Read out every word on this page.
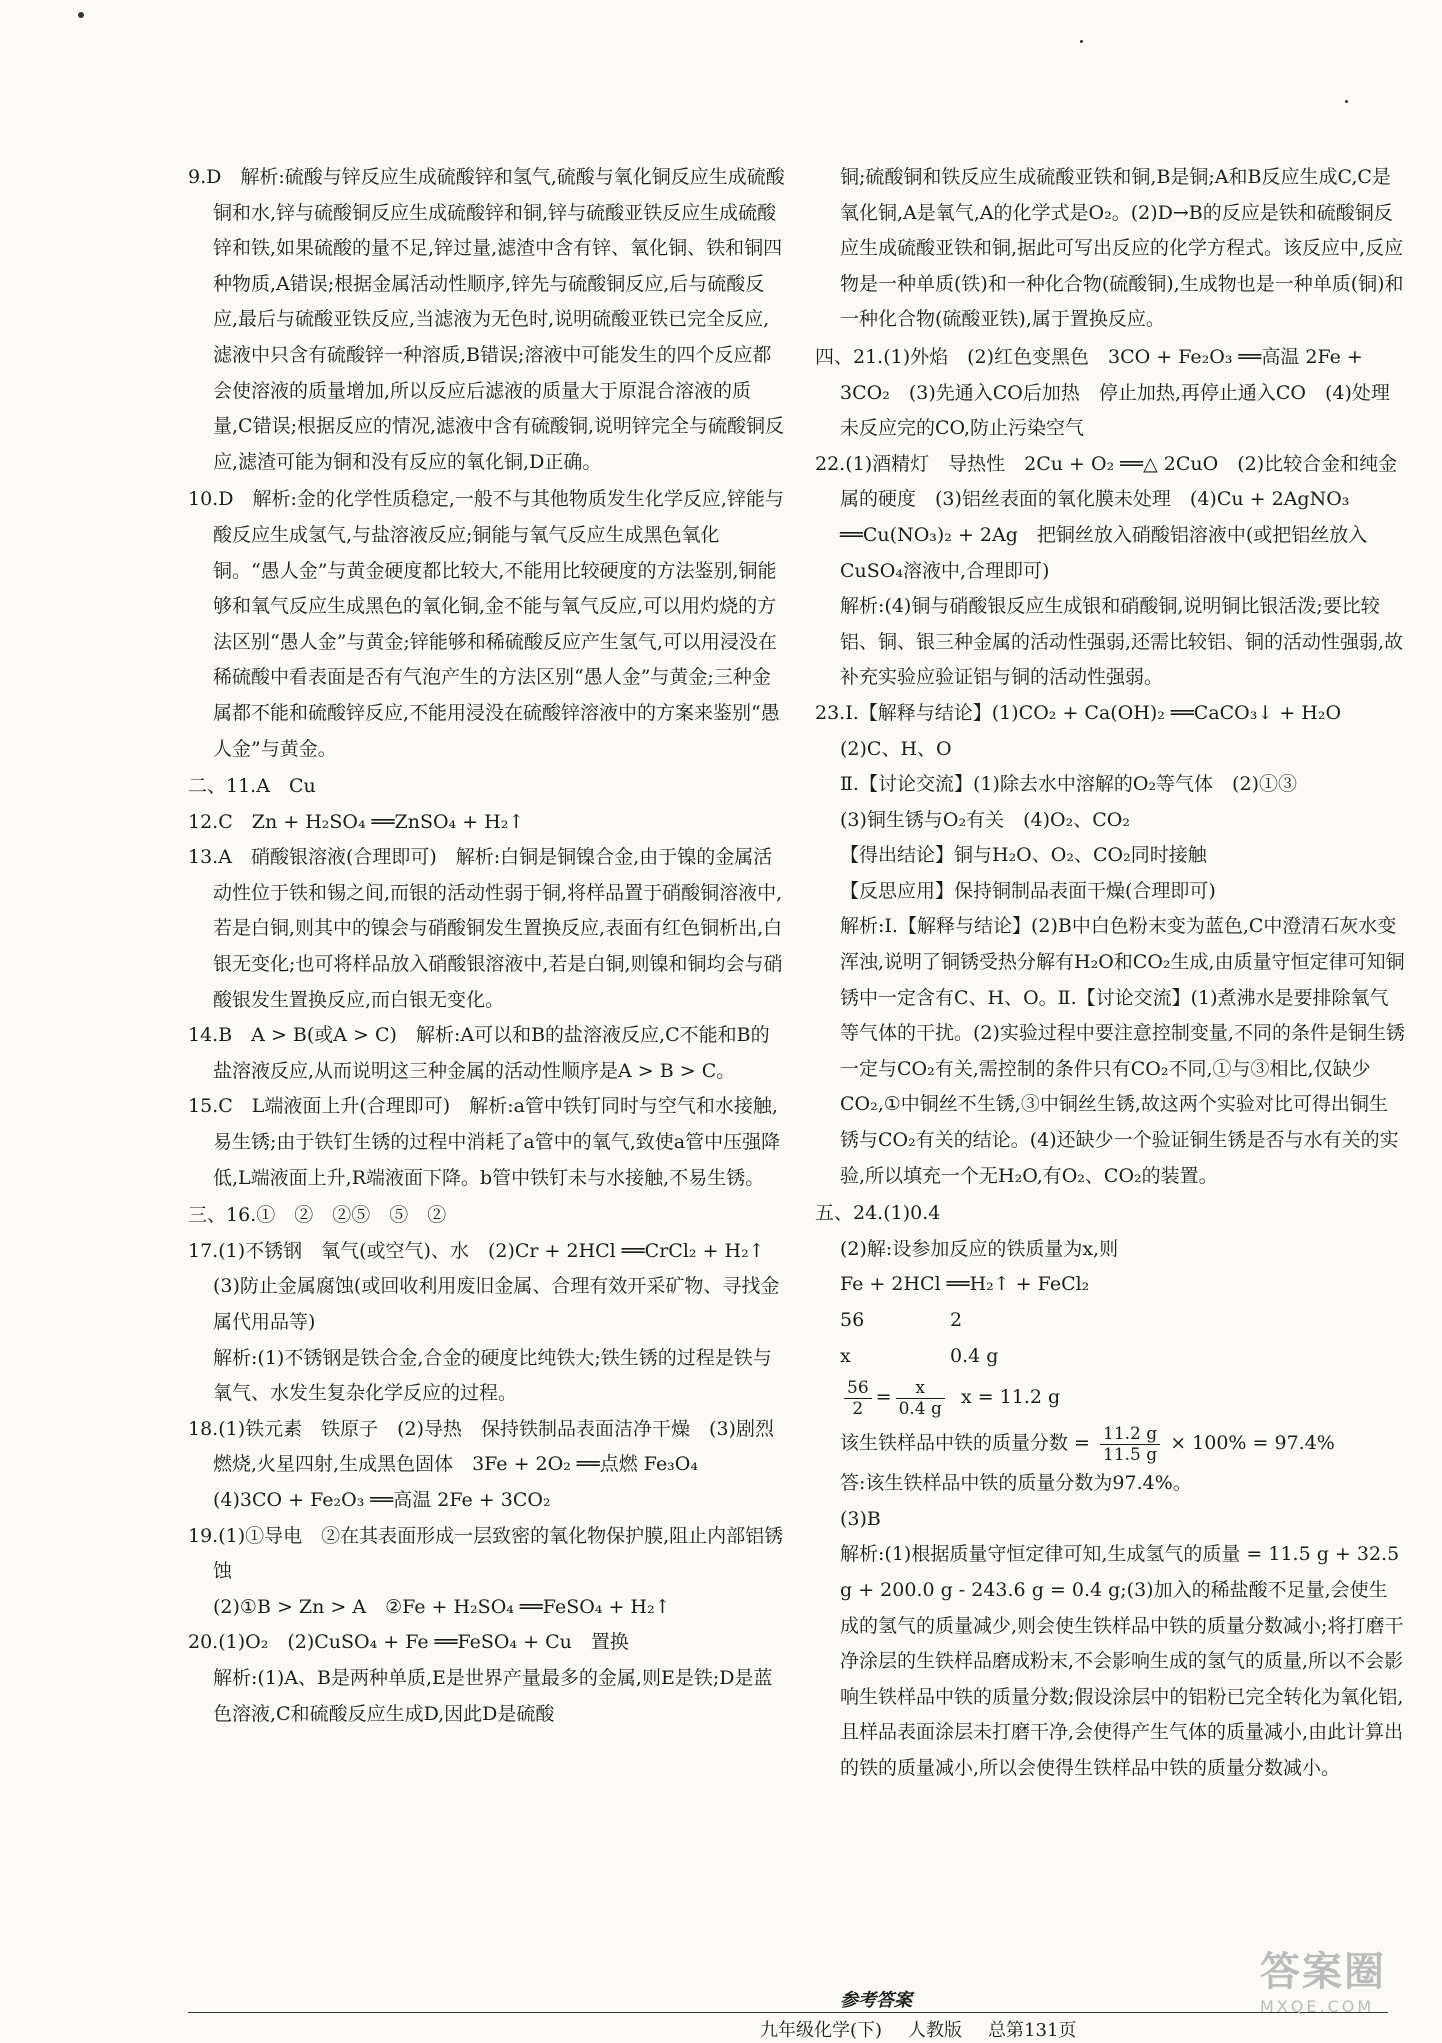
9.D　解析:硫酸与锌反应生成硫酸锌和氢气,硫酸与氧化铜反应生成硫酸铜和水,锌与硫酸铜反应生成硫酸锌和铜,锌与硫酸亚铁反应生成硫酸锌和铁,如果硫酸的量不足,锌过量,滤渣中含有锌、氧化铜、铁和铜四种物质,A错误;根据金属活动性顺序,锌先与硫酸铜反应,后与硫酸反应,最后与硫酸亚铁反应,当滤液为无色时,说明硫酸亚铁已完全反应,滤液中只含有硫酸锌一种溶质,B错误;溶液中可能发生的四个反应都会使溶液的质量增加,所以反应后滤液的质量大于原混合溶液的质量,C错误;根据反应的情况,滤液中含有硫酸铜,说明锌完全与硫酸铜反应,滤渣可能为铜和没有反应的氧化铜,D正确。

10.D　解析:金的化学性质稳定,一般不与其他物质发生化学反应,锌能与酸反应生成氢气,与盐溶液反应;铜能与氧气反应生成黑色氧化铜。“愚人金”与黄金硬度都比较大,不能用比较硬度的方法鉴别,铜能够和氧气反应生成黑色的氧化铜,金不能与氧气反应,可以用灼烧的方法区别“愚人金”与黄金;锌能够和稀硫酸反应产生氢气,可以用浸没在稀硫酸中看表面是否有气泡产生的方法区别“愚人金”与黄金;三种金属都不能和硫酸锌反应,不能用浸没在硫酸锌溶液中的方案来鉴别“愚人金”与黄金。

二、11.A　Cu

12.C　Zn + H₂SO₄ ══ZnSO₄ + H₂↑

13.A　硝酸银溶液(合理即可)　解析:白铜是铜镍合金,由于镍的金属活动性位于铁和锡之间,而银的活动性弱于铜,将样品置于硝酸铜溶液中,若是白铜,则其中的镍会与硝酸铜发生置换反应,表面有红色铜析出,白银无变化;也可将样品放入硝酸银溶液中,若是白铜,则镍和铜均会与硝酸银发生置换反应,而白银无变化。

14.B　A > B(或A > C)　解析:A可以和B的盐溶液反应,C不能和B的盐溶液反应,从而说明这三种金属的活动性顺序是A > B > C。

15.C　L端液面上升(合理即可)　解析:a管中铁钉同时与空气和水接触,易生锈;由于铁钉生锈的过程中消耗了a管中的氧气,致使a管中压强降低,L端液面上升,R端液面下降。b管中铁钉未与水接触,不易生锈。

三、16.①　②　②⑤　⑤　②

17.(1)不锈钢　氧气(或空气)、水　(2)Cr + 2HCl ══CrCl₂ + H₂↑　(3)防止金属腐蚀(或回收利用废旧金属、合理有效开采矿物、寻找金属代用品等)

解析:(1)不锈钢是铁合金,合金的硬度比纯铁大;铁生锈的过程是铁与氧气、水发生复杂化学反应的过程。

18.(1)铁元素　铁原子　(2)导热　保持铁制品表面洁净干燥　(3)剧烈燃烧,火星四射,生成黑色固体　3Fe + 2O₂ ══点燃 Fe₃O₄　(4)3CO + Fe₂O₃ ══高温 2Fe + 3CO₂

19.(1)①导电　②在其表面形成一层致密的氧化物保护膜,阻止内部铝锈蚀

(2)①B > Zn > A　②Fe + H₂SO₄ ══FeSO₄ + H₂↑

20.(1)O₂　(2)CuSO₄ + Fe ══FeSO₄ + Cu　置换

解析:(1)A、B是两种单质,E是世界产量最多的金属,则E是铁;D是蓝色溶液,C和硫酸反应生成D,因此D是硫酸

铜;硫酸铜和铁反应生成硫酸亚铁和铜,B是铜;A和B反应生成C,C是氧化铜,A是氧气,A的化学式是O₂。(2)D→B的反应是铁和硫酸铜反应生成硫酸亚铁和铜,据此可写出反应的化学方程式。该反应中,反应物是一种单质(铁)和一种化合物(硫酸铜),生成物也是一种单质(铜)和一种化合物(硫酸亚铁),属于置换反应。

四、21.(1)外焰　(2)红色变黑色　3CO + Fe₂O₃ ══高温 2Fe + 3CO₂　(3)先通入CO后加热　停止加热,再停止通入CO　(4)处理未反应完的CO,防止污染空气

22.(1)酒精灯　导热性　2Cu + O₂ ══△ 2CuO　(2)比较合金和纯金属的硬度　(3)铝丝表面的氧化膜未处理　(4)Cu + 2AgNO₃ ══Cu(NO₃)₂ + 2Ag　把铜丝放入硝酸铝溶液中(或把铝丝放入CuSO₄溶液中,合理即可)

解析:(4)铜与硝酸银反应生成银和硝酸铜,说明铜比银活泼;要比较铝、铜、银三种金属的活动性强弱,还需比较铝、铜的活动性强弱,故补充实验应验证铝与铜的活动性强弱。

23.Ⅰ.【解释与结论】(1)CO₂ + Ca(OH)₂ ══CaCO₃↓ + H₂O　(2)C、H、O

Ⅱ.【讨论交流】(1)除去水中溶解的O₂等气体　(2)①③

(3)铜生锈与O₂有关　(4)O₂、CO₂

【得出结论】铜与H₂O、O₂、CO₂同时接触

【反思应用】保持铜制品表面干燥(合理即可)

解析:Ⅰ.【解释与结论】(2)B中白色粉末变为蓝色,C中澄清石灰水变浑浊,说明了铜锈受热分解有H₂O和CO₂生成,由质量守恒定律可知铜锈中一定含有C、H、O。Ⅱ.【讨论交流】(1)煮沸水是要排除氧气等气体的干扰。(2)实验过程中要注意控制变量,不同的条件是铜生锈一定与CO₂有关,需控制的条件只有CO₂不同,①与③相比,仅缺少CO₂,①中铜丝不生锈,③中铜丝生锈,故这两个实验对比可得出铜生锈与CO₂有关的结论。(4)还缺少一个验证铜生锈是否与水有关的实验,所以填充一个无H₂O,有O₂、CO₂的装置。

五、24.(1)0.4

(2)解:设参加反应的铁质量为x,则

Fe + 2HCl ══H₂↑ + FeCl₂
56	2
x	0.4 g
$\frac{56}{2} = \frac{x}{0.4 g}$ x = 11.2 g

该生铁样品中铁的质量分数 = $\frac{11.2 g}{11.5 g} \times 100\% = 97.4\%$

答:该生铁样品中铁的质量分数为97.4%。

(3)B

解析:(1)根据质量守恒定律可知,生成氢气的质量 = 11.5 g + 32.5 g + 200.0 g - 243.6 g = 0.4 g;(3)加入的稀盐酸不足量,会使生成的氢气的质量减少,则会使生铁样品中铁的质量分数减小;将打磨干净涂层的生铁样品磨成粉末,不会影响生成的氢气的质量,所以不会影响生铁样品中铁的质量分数;假设涂层中的铝粉已完全转化为氧化铝,且样品表面涂层未打磨干净,会使得产生气体的质量减小,由此计算出的铁的质量减小,所以会使得生铁样品中铁的质量分数减小。

参考答案
九年级化学(下) 人教版 总第131页
答案圈
MXQE.COM
